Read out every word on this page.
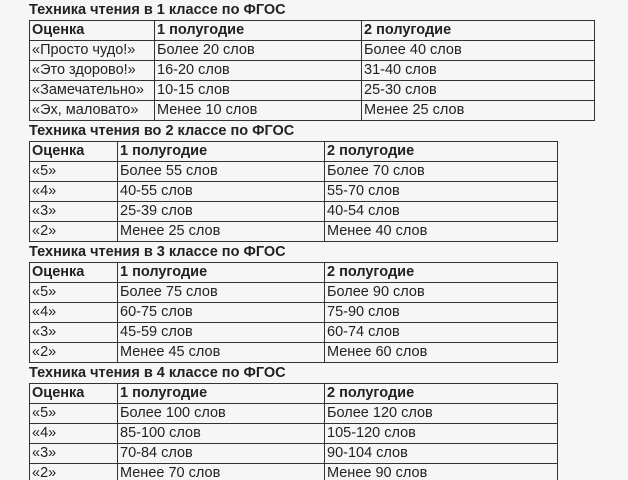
Техника чтения в 1 классе по ФГОС
Оценка	1 полугодие	2 полугодие
«Просто чудо!»	Более 20 слов	Более 40 слов
«Это здорово!»	16-20 слов	31-40 слов
«Замечательно»	10-15 слов	25-30 слов
«Эх, маловато»	Менее 10 слов	Менее 25 слов
Техника чтения во 2 классе по ФГОС
Оценка	1 полугодие	2 полугодие
«5»	Более 55 слов	Более 70 слов
«4»	40-55 слов	55-70 слов
«3»	25-39 слов	40-54 слов
«2»	Менее 25 слов	Менее 40 слов
Техника чтения в 3 классе по ФГОС
Оценка	1 полугодие	2 полугодие
«5»	Более 75 слов	Более 90 слов
«4»	60-75 слов	75-90 слов
«3»	45-59 слов	60-74 слов
«2»	Менее 45 слов	Менее 60 слов
Техника чтения в 4 классе по ФГОС
Оценка	1 полугодие	2 полугодие
«5»	Более 100 слов	Более 120 слов
«4»	85-100 слов	105-120 слов
«3»	70-84 слов	90-104 слов
«2»	Менее 70 слов	Менее 90 слов
